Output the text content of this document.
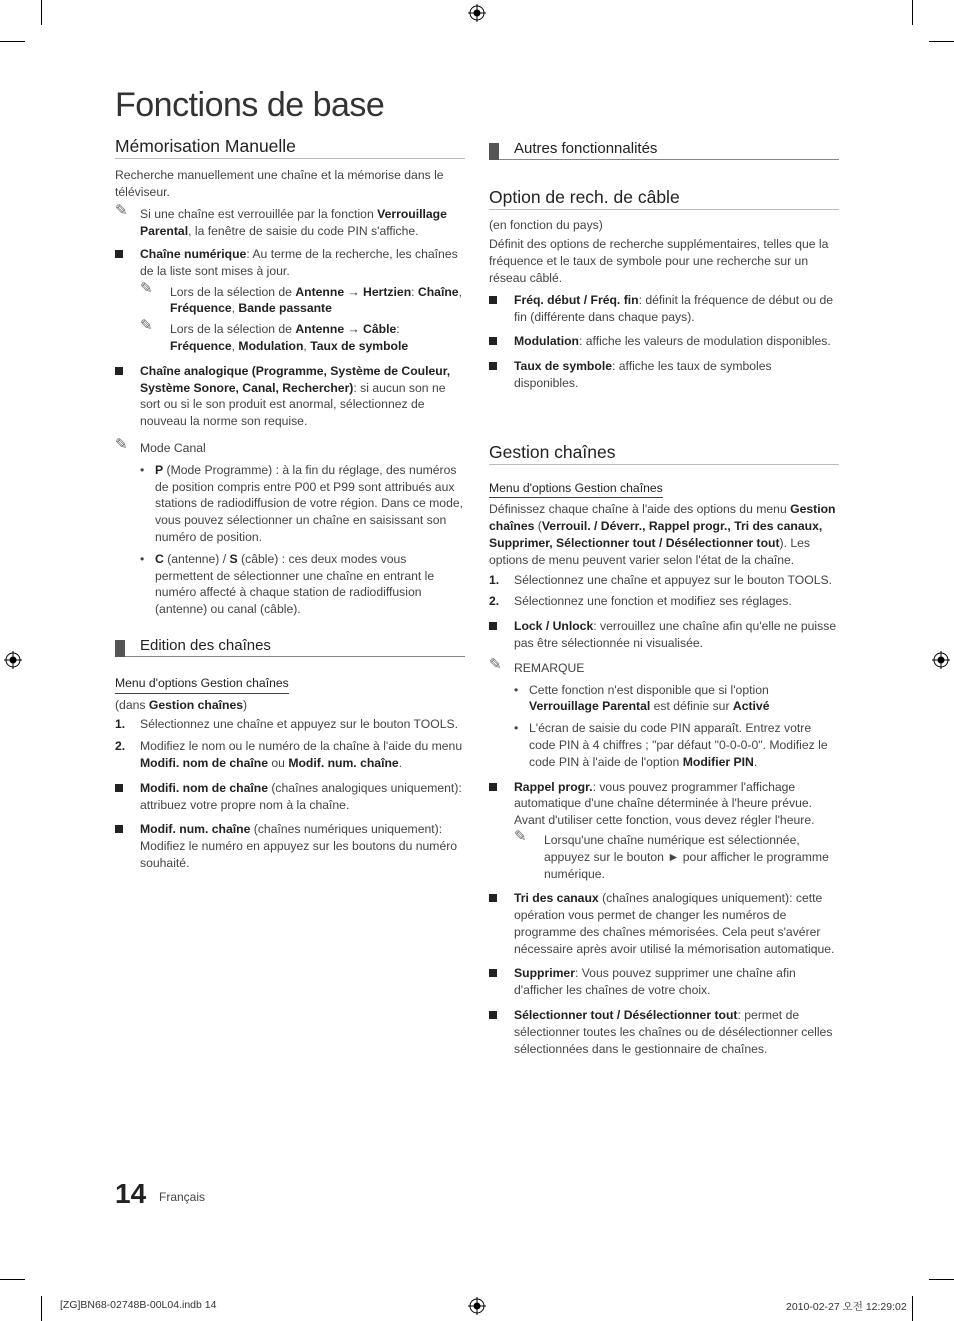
Fonctions de base
Mémorisation Manuelle

Recherche manuellement une chaîne et la mémorise dans le téléviseur.

✎ Si une chaîne est verrouillée par la fonction Verrouillage Parental, la fenêtre de saisie du code PIN s'affiche.
Chaîne numérique: Au terme de la recherche, les chaînes de la liste sont mises à jour.
✎ Lors de la sélection de Antenne → Hertzien: Chaîne, Fréquence, Bande passante
✎ Lors de la sélection de Antenne → Câble: Fréquence, Modulation, Taux de symbole
Chaîne analogique (Programme, Système de Couleur, Système Sonore, Canal, Rechercher): si aucun son ne sort ou si le son produit est anormal, sélectionnez de nouveau la norme son requise.
✎ Mode Canal
• P (Mode Programme) : à la fin du réglage, des numéros de position compris entre P00 et P99 sont attribués aux stations de radiodiffusion de votre région. Dans ce mode, vous pouvez sélectionner un chaîne en saisissant son numéro de position.
• C (antenne) / S (câble) : ces deux modes vous permettent de sélectionner une chaîne en entrant le numéro affecté à chaque station de radiodiffusion (antenne) ou canal (câble).
Edition des chaînes
Menu d'options Gestion chaînes
(dans Gestion chaînes)
1. Sélectionnez une chaîne et appuyez sur le bouton TOOLS.
2. Modifiez le nom ou le numéro de la chaîne à l'aide du menu Modifi. nom de chaîne ou Modif. num. chaîne.
Modifi. nom de chaîne (chaînes analogiques uniquement): attribuez votre propre nom à la chaîne.
Modif. num. chaîne (chaînes numériques uniquement): Modifiez le numéro en appuyez sur les boutons du numéro souhaité.
Autres fonctionnalités
Option de rech. de câble

(en fonction du pays)

Définit des options de recherche supplémentaires, telles que la fréquence et le taux de symbole pour une recherche sur un réseau câblé.

Fréq. début / Fréq. fin: définit la fréquence de début ou de fin (différente dans chaque pays).
Modulation: affiche les valeurs de modulation disponibles.
Taux de symbole: affiche les taux de symboles disponibles.
Gestion chaînes
Menu d'options Gestion chaînes

Définissez chaque chaîne à l'aide des options du menu Gestion chaînes (Verrouil. / Déverr., Rappel progr., Tri des canaux, Supprimer, Sélectionner tout / Désélectionner tout). Les options de menu peuvent varier selon l'état de la chaîne.

1. Sélectionnez une chaîne et appuyez sur le bouton TOOLS.
2. Sélectionnez une fonction et modifiez ses réglages.
Lock / Unlock: verrouillez une chaîne afin qu'elle ne puisse pas être sélectionnée ni visualisée.
✎ REMARQUE
• Cette fonction n'est disponible que si l'option Verrouillage Parental est définie sur Activé
• L'écran de saisie du code PIN apparaît. Entrez votre code PIN à 4 chiffres ; "par défaut "0-0-0-0". Modifiez le code PIN à l'aide de l'option Modifier PIN.
Rappel progr.: vous pouvez programmer l'affichage automatique d'une chaîne déterminée à l'heure prévue. Avant d'utiliser cette fonction, vous devez régler l'heure.
✎ Lorsqu'une chaîne numérique est sélectionnée, appuyez sur le bouton ► pour afficher le programme numérique.
Tri des canaux (chaînes analogiques uniquement): cette opération vous permet de changer les numéros de programme des chaînes mémorisées. Cela peut s'avérer nécessaire après avoir utilisé la mémorisation automatique.
Supprimer: Vous pouvez supprimer une chaîne afin d'afficher les chaînes de votre choix.
Sélectionner tout / Désélectionner tout: permet de sélectionner toutes les chaînes ou de désélectionner celles sélectionnées dans le gestionnaire de chaînes.
14 Français
[ZG]BN68-02748B-00L04.indb 14	2010-02-27 오전 12:29:02
